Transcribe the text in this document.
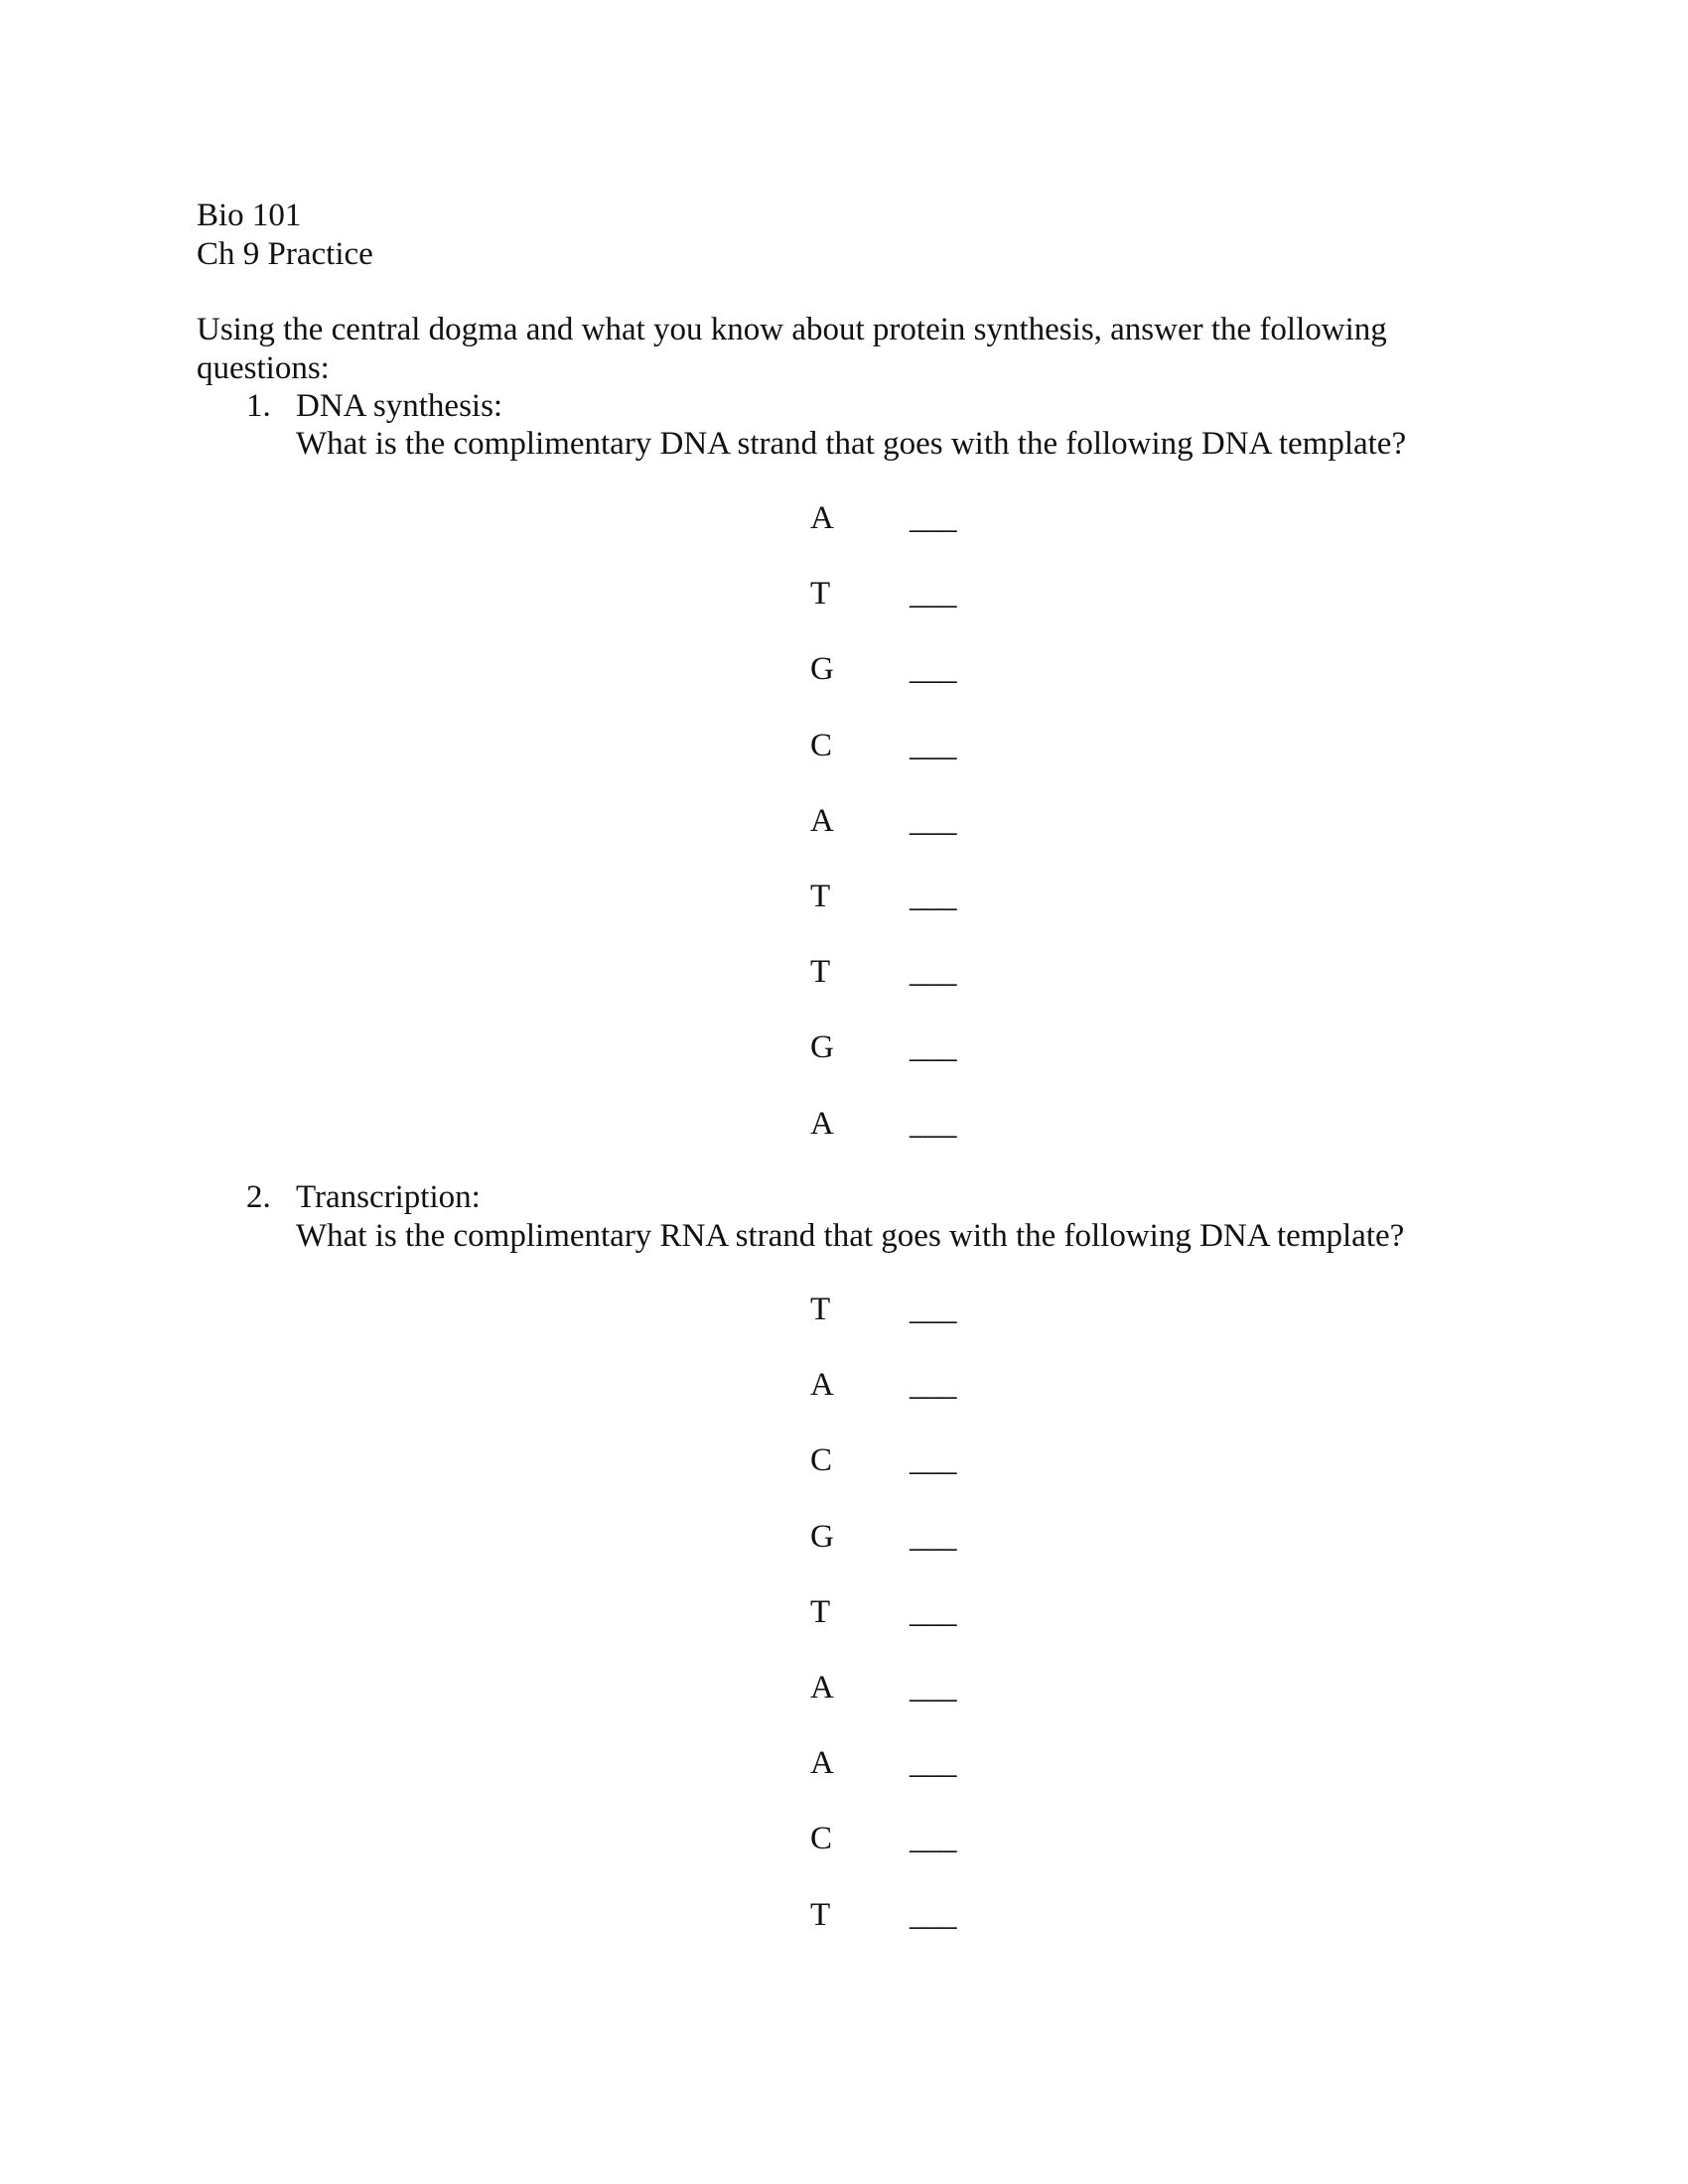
Bio 101
Ch 9 Practice
Using the central dogma and what you know about protein synthesis, answer the following
questions:
1. DNA synthesis:
What is the complimentary DNA strand that goes with the following DNA template?
A	___
T	___
G	___
C	___
A	___
T	___
T	___
G	___
A	___
2. Transcription:
What is the complimentary RNA strand that goes with the following DNA template?
T	___
A	___
C	___
G	___
T	___
A	___
A	___
C	___
T	___
